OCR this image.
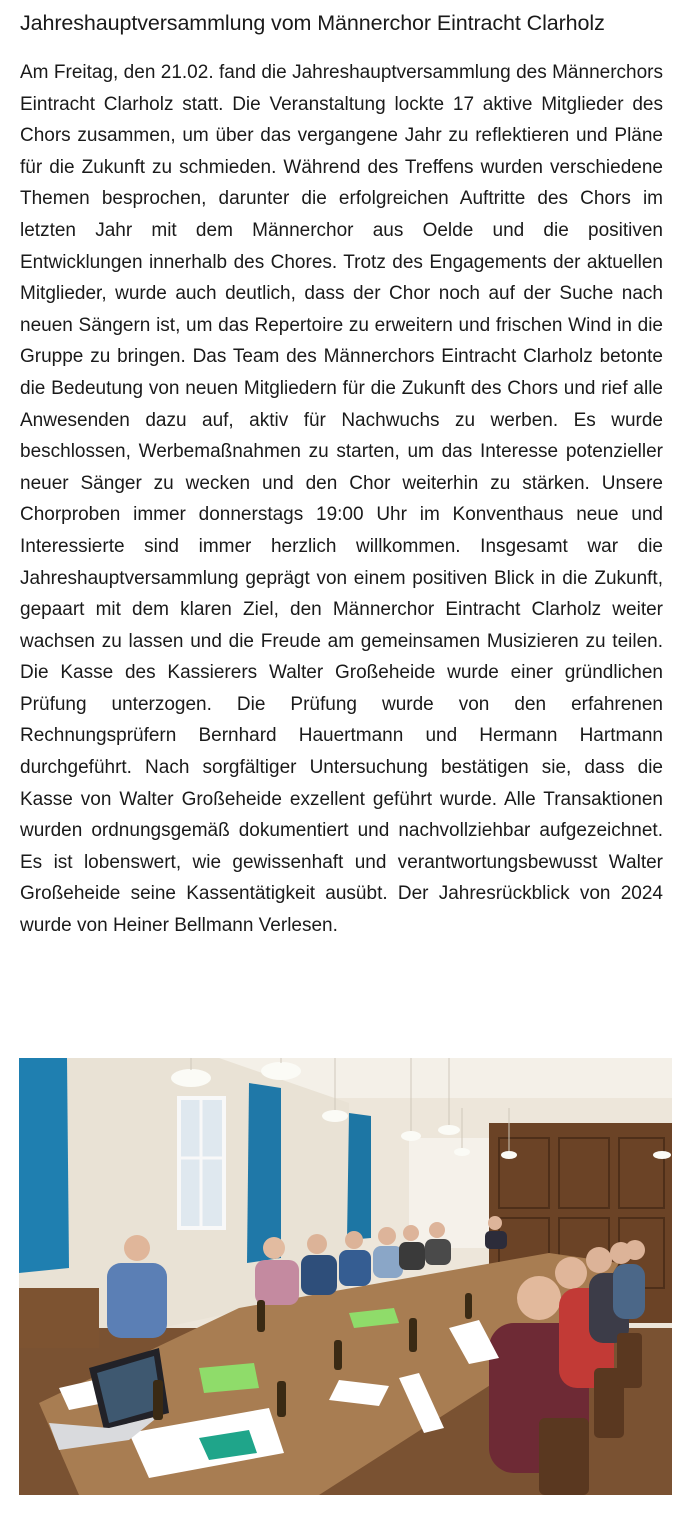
Jahreshauptversammlung vom Männerchor Eintracht Clarholz

Am Freitag, den 21.02. fand die Jahreshauptversammlung des Männerchors Eintracht Clarholz statt. Die Veranstaltung lockte 17 aktive Mitglieder des Chors zusammen, um über das vergangene Jahr zu reflektieren und Pläne für die Zukunft zu schmieden. Während des Treffens wurden verschiedene Themen besprochen, darunter die erfolgreichen Auftritte des Chors im letzten Jahr mit dem Männerchor aus Oelde und die positiven Entwicklungen innerhalb des Chores. Trotz des Engagements der aktuellen Mitglieder, wurde auch deutlich, dass der Chor noch auf der Suche nach neuen Sängern ist, um das Repertoire zu erweitern und frischen Wind in die Gruppe zu bringen. Das Team des Männerchors Eintracht Clarholz betonte die Bedeutung von neuen Mitgliedern für die Zukunft des Chors und rief alle Anwesenden dazu auf, aktiv für Nachwuchs zu werben. Es wurde beschlossen, Werbemaßnahmen zu starten, um das Interesse potenzieller neuer Sänger zu wecken und den Chor weiterhin zu stärken. Unsere Chorproben immer donnerstags 19:00 Uhr im Konventhaus neue und Interessierte sind immer herzlich willkommen. Insgesamt war die Jahreshauptversammlung geprägt von einem positiven Blick in die Zukunft, gepaart mit dem klaren Ziel, den Männerchor Eintracht Clarholz weiter wachsen zu lassen und die Freude am gemeinsamen Musizieren zu teilen. Die Kasse des Kassierers Walter Großeheide wurde einer gründlichen Prüfung unterzogen. Die Prüfung wurde von den erfahrenen Rechnungsprüfern Bernhard Hauertmann und Hermann Hartmann durchgeführt. Nach sorgfältiger Untersuchung bestätigen sie, dass die Kasse von Walter Großeheide exzellent geführt wurde. Alle Transaktionen wurden ordnungsgemäß dokumentiert und nachvollziehbar aufgezeichnet. Es ist lobenswert, wie gewissenhaft und verantwortungsbewusst Walter Großeheide seine Kassentätigkeit ausübt. Der Jahresrückblick von 2024 wurde von Heiner Bellmann Verlesen.
